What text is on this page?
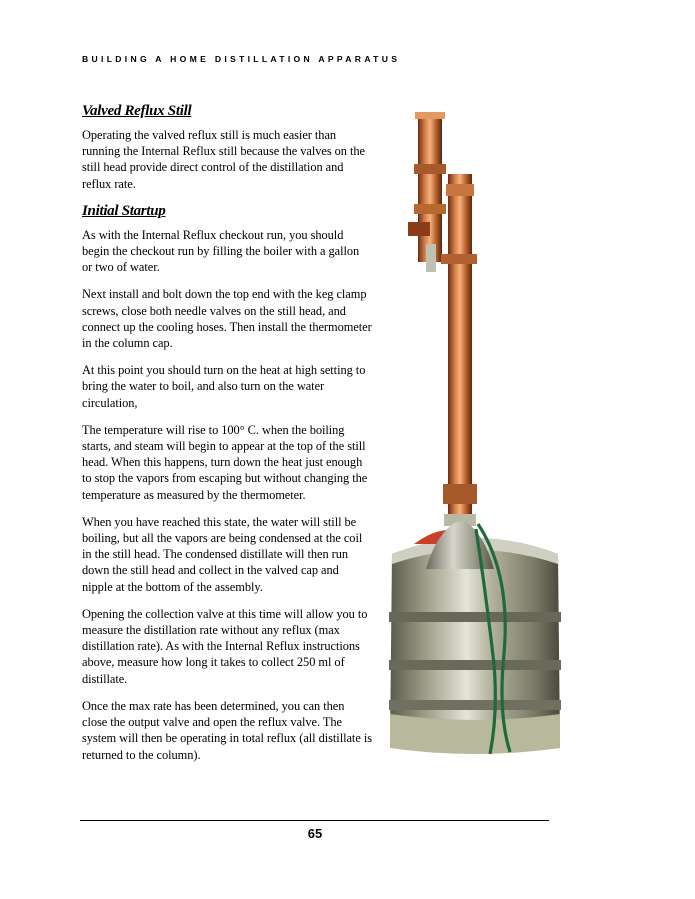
BUILDING A HOME DISTILLATION APPARATUS
Valved Reflux Still

Operating the valved reflux still is much easier than running the Internal Reflux still because the valves on the still head provide direct control of the distillation and reflux rate.

Initial Startup

As with the Internal Reflux checkout run, you should begin the checkout run by filling the boiler with a gallon or two of water.

Next install and bolt down the top end with the keg clamp screws, close both needle valves on the still head, and connect up the cooling hoses. Then install the thermometer in the column cap.

At this point you should turn on the heat at high setting to bring the water to boil, and also turn on the water circulation,

The temperature will rise to 100° C. when the boiling starts, and steam will begin to appear at the top of the still head. When this happens, turn down the heat just enough to stop the vapors from escaping but without changing the temperature as measured by the thermometer.

When you have reached this state, the water will still be boiling, but all the vapors are being condensed at the coil in the still head. The condensed distillate will then run down the still head and collect in the valved cap and nipple at the bottom of the assembly.

Opening the collection valve at this time will allow you to measure the distillation rate without any reflux (max distillation rate). As with the Internal Reflux instructions above, measure how long it takes to collect 250 ml of distillate.

Once the max rate has been determined, you can then close the output valve and open the reflux valve. The system will then be operating in total reflux (all distillate is returned to the column).

65
